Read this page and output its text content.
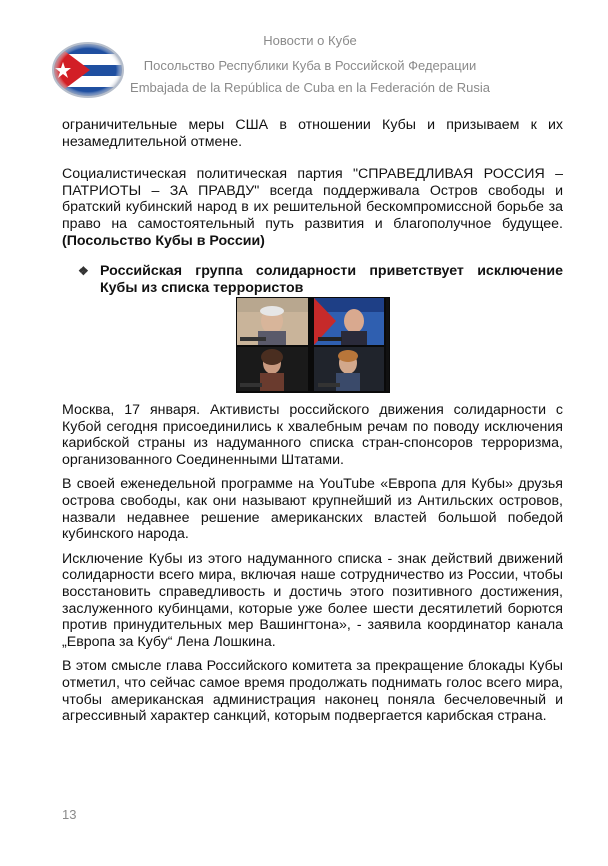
Новости о Кубе
Посольство Республики Куба в Российской Федерации
Embajada de la República de Cuba en la Federación de Rusia

ограничительные меры США в отношении Кубы и призываем к их незамедлительной отмене.

Социалистическая политическая партия "СПРАВЕДЛИВАЯ РОССИЯ – ПАТРИОТЫ – ЗА ПРАВДУ" всегда поддерживала Остров свободы и братский кубинский народ в их решительной бескомпромиссной борьбе за право на самостоятельный путь развития и благополучное будущее.(Посольство Кубы в России)

❖ Российская группа солидарности приветствует исключение Кубы из списка террористов

Москва, 17 января. Активисты российского движения солидарности с Кубой сегодня присоединились к хвалебным речам по поводу исключения карибской страны из надуманного списка стран-спонсоров терроризма, организованного Соединенными Штатами.

В своей еженедельной программе на YouTube «Европа для Кубы» друзья острова свободы, как они называют крупнейший из Антильских островов, назвали недавнее решение американских властей большой победой кубинского народа.

Исключение Кубы из этого надуманного списка - знак действий движений солидарности всего мира, включая наше сотрудничество из России, чтобы восстановить справедливость и достичь этого позитивного достижения, заслуженного кубинцами, которые уже более шести десятилетий борются против принудительных мер Вашингтона», - заявила координатор канала „Европа за Кубу“ Лена Лошкина.

В этом смысле глава Российского комитета за прекращение блокады Кубы отметил, что сейчас самое время продолжать поднимать голос всего мира, чтобы американская администрация наконец поняла бесчеловечный и агрессивный характер санкций, которым подвергается карибская страна.

13
